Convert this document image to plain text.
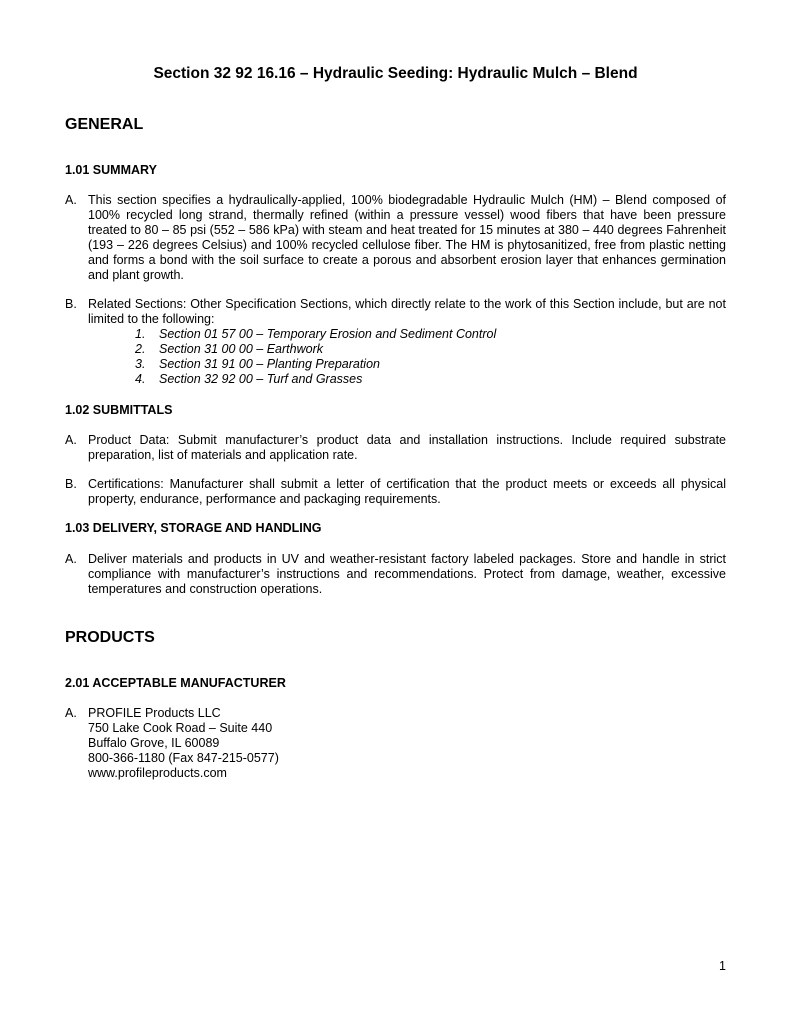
Section 32 92 16.16 – Hydraulic Seeding: Hydraulic Mulch – Blend
GENERAL
1.01 SUMMARY
A. This section specifies a hydraulically-applied, 100% biodegradable Hydraulic Mulch (HM) – Blend composed of 100% recycled long strand, thermally refined (within a pressure vessel) wood fibers that have been pressure treated to 80 – 85 psi (552 – 586 kPa) with steam and heat treated for 15 minutes at 380 – 440 degrees Fahrenheit (193 – 226 degrees Celsius) and 100% recycled cellulose fiber. The HM is phytosanitized, free from plastic netting and forms a bond with the soil surface to create a porous and absorbent erosion layer that enhances germination and plant growth.
B. Related Sections: Other Specification Sections, which directly relate to the work of this Section include, but are not limited to the following:
1. Section 01 57 00 – Temporary Erosion and Sediment Control
2. Section 31 00 00 – Earthwork
3. Section 31 91 00 – Planting Preparation
4. Section 32 92 00 – Turf and Grasses
1.02 SUBMITTALS
A. Product Data: Submit manufacturer’s product data and installation instructions. Include required substrate preparation, list of materials and application rate.
B. Certifications: Manufacturer shall submit a letter of certification that the product meets or exceeds all physical property, endurance, performance and packaging requirements.
1.03 DELIVERY, STORAGE AND HANDLING
A. Deliver materials and products in UV and weather-resistant factory labeled packages. Store and handle in strict compliance with manufacturer’s instructions and recommendations. Protect from damage, weather, excessive temperatures and construction operations.
PRODUCTS
2.01 ACCEPTABLE MANUFACTURER
A. PROFILE Products LLC
750 Lake Cook Road – Suite 440
Buffalo Grove, IL 60089
800-366-1180 (Fax 847-215-0577)
www.profileproducts.com
1
